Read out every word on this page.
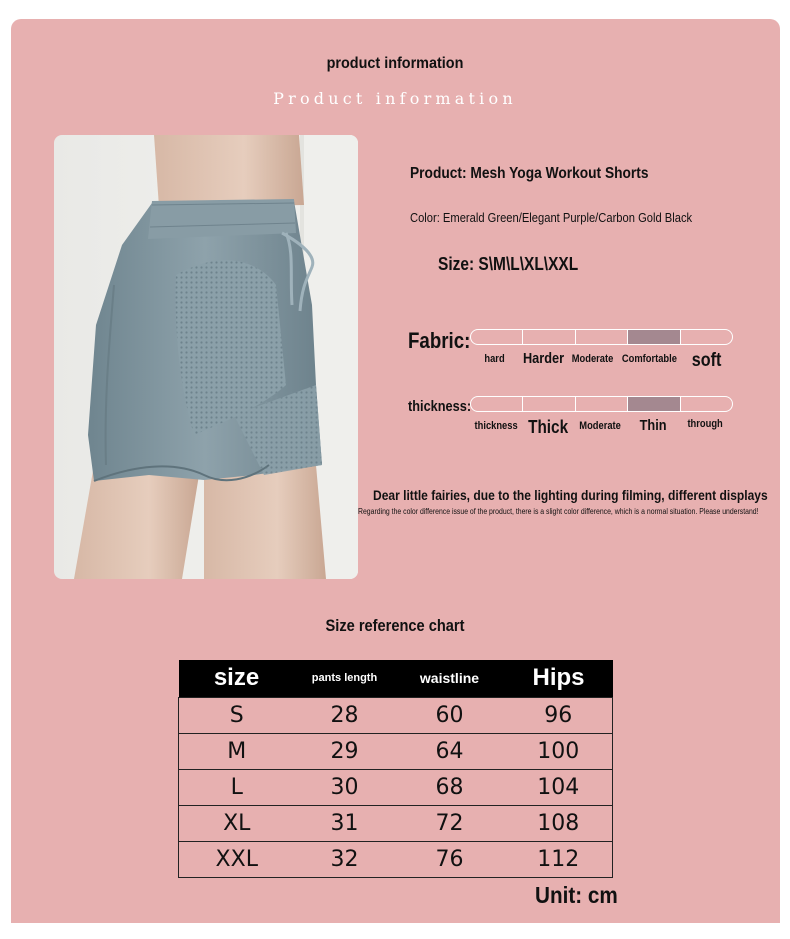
product information
Product information
Product: Mesh Yoga Workout Shorts
Color: Emerald Green/Elegant Purple/Carbon Gold Black
Size: S\M\L\XL\XXL
Fabric:
hard	Harder Moderate Comfortable soft
thickness:
thickness Thick Moderate	Thin	through
Dear little fairies, due to the lighting during filming, different displays
Regarding the color difference issue of the product, there is a slight color difference, which is a normal situation. Please understand!
Size reference chart
size	pants length	waistline	Hips
S	28	60	96
M	29	64	100
L	30	68	104
XL	31	72	108
XXL	32	76	112
Unit: cm
